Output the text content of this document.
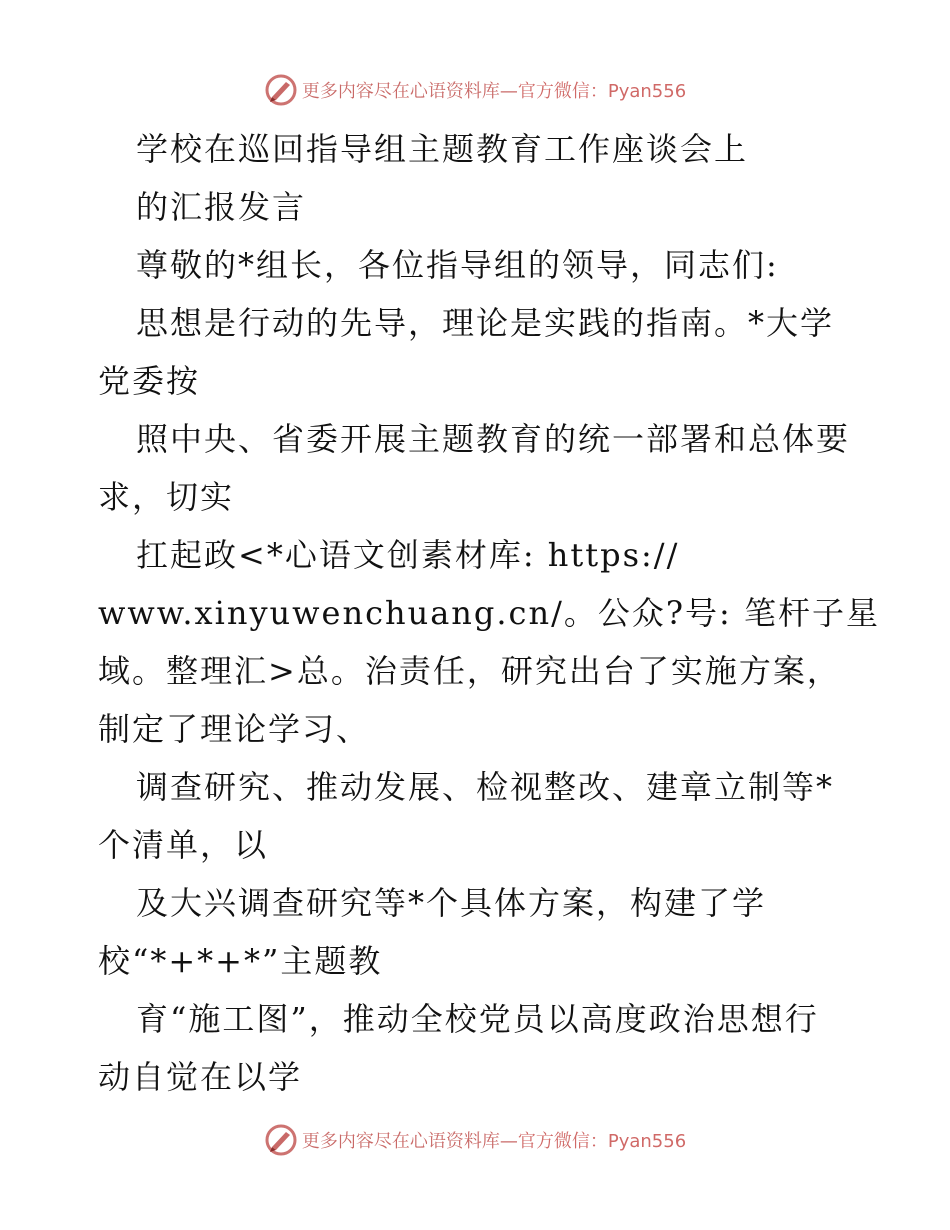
更多内容尽在心语资料库—官方微信：Pyan556
学校在巡回指导组主题教育工作座谈会上
的汇报发言
尊敬的*组长，各位指导组的领导，同志们:
思想是行动的先导，理论是实践的指南。*大学
党委按
照中央、省委开展主题教育的统一部署和总体要
求，切实
扛起政<*心语文创素材库: https://
www.xinyuwenchuang.cn/。公众?号: 笔杆子星
域。整理汇>总。治责任，研究出台了实施方案，
制定了理论学习、
调查研究、推动发展、检视整改、建章立制等*
个清单，以
及大兴调查研究等*个具体方案，构建了学
校“*+*+*”主题教
育“施工图”，推动全校党员以高度政治思想行
动自觉在以学
更多内容尽在心语资料库—官方微信：Pyan556
